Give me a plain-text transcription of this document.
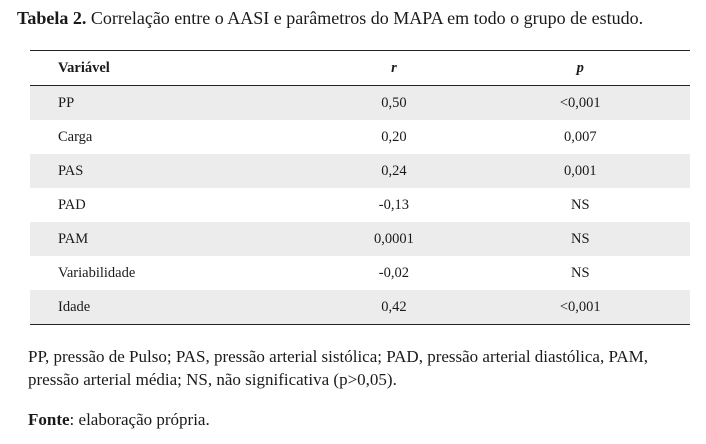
Tabela 2. Correlação entre o AASI e parâmetros do MAPA em todo o grupo de estudo.
Variável	r	p
PP	0,50	<0,001
Carga	0,20	0,007
PAS	0,24	0,001
PAD	-0,13	NS
PAM	0,0001	NS
Variabilidade	-0,02	NS
Idade	0,42	<0,001
PP, pressão de Pulso; PAS, pressão arterial sistólica; PAD, pressão arterial diastólica, PAM, pressão arterial média; NS, não significativa (p>0,05).
Fonte: elaboração própria.
